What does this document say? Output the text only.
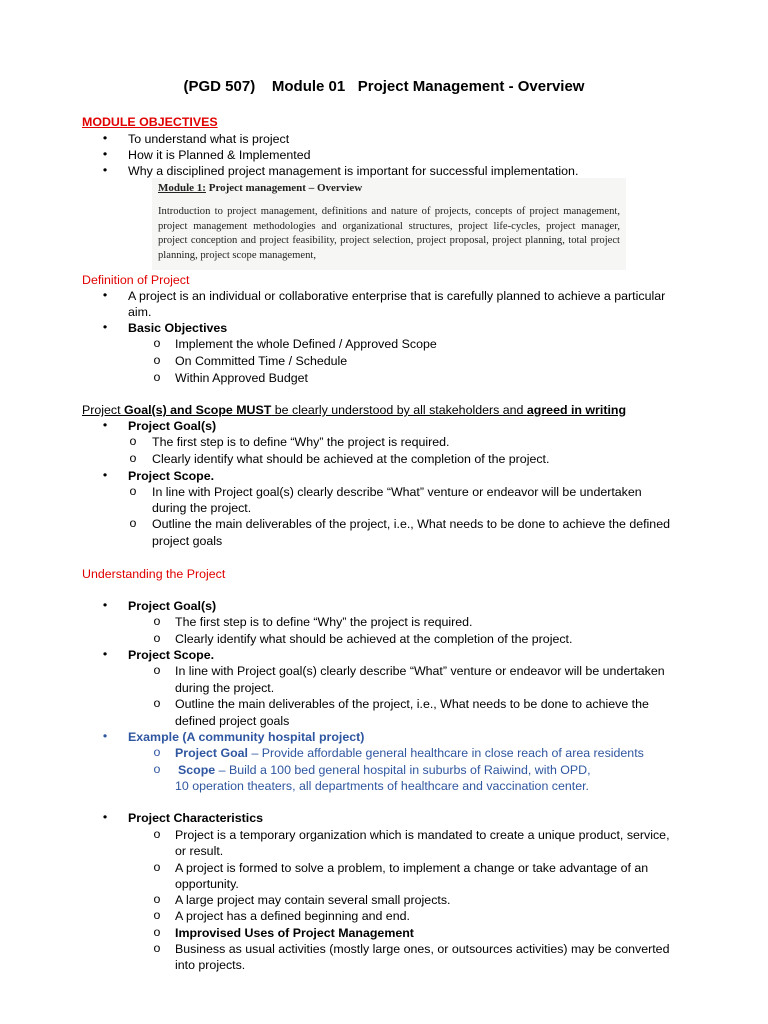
(PGD 507)    Module 01   Project Management - Overview
MODULE OBJECTIVES
• To understand what is project
• How it is Planned & Implemented
• Why a disciplined project management is important for successful implementation.
Module 1: Project management – Overview
Introduction to project management, definitions and nature of projects, concepts of project management, project management methodologies and organizational structures, project life-cycles, project manager, project conception and project feasibility, project selection, project proposal, project planning, total project planning, project scope management,
Definition of Project
• A project is an individual or collaborative enterprise that is carefully planned to achieve a particular
aim.
• Basic Objectives
o Implement the whole Defined / Approved Scope
o On Committed Time / Schedule
o Within Approved Budget
Project Goal(s) and Scope MUST be clearly understood by all stakeholders and agreed in writing
• Project Goal(s)
o The first step is to define “Why” the project is required.
o Clearly identify what should be achieved at the completion of the project.
• Project Scope.
o In line with Project goal(s) clearly describe “What” venture or endeavor will be undertaken
during the project.
o Outline the main deliverables of the project, i.e., What needs to be done to achieve the defined
project goals
Understanding the Project
• Project Goal(s)
o The first step is to define “Why” the project is required.
o Clearly identify what should be achieved at the completion of the project.
• Project Scope.
o In line with Project goal(s) clearly describe “What” venture or endeavor will be undertaken
during the project.
o Outline the main deliverables of the project, i.e., What needs to be done to achieve the
defined project goals
• Example (A community hospital project)
o Project Goal – Provide affordable general healthcare in close reach of area residents
o Scope – Build a 100 bed general hospital in suburbs of Raiwind, with OPD,
10 operation theaters, all departments of healthcare and vaccination center.
• Project Characteristics
o Project is a temporary organization which is mandated to create a unique product, service,
or result.
o A project is formed to solve a problem, to implement a change or take advantage of an
opportunity.
o A large project may contain several small projects.
o A project has a defined beginning and end.
o Improvised Uses of Project Management
o Business as usual activities (mostly large ones, or outsources activities) may be converted
into projects.
